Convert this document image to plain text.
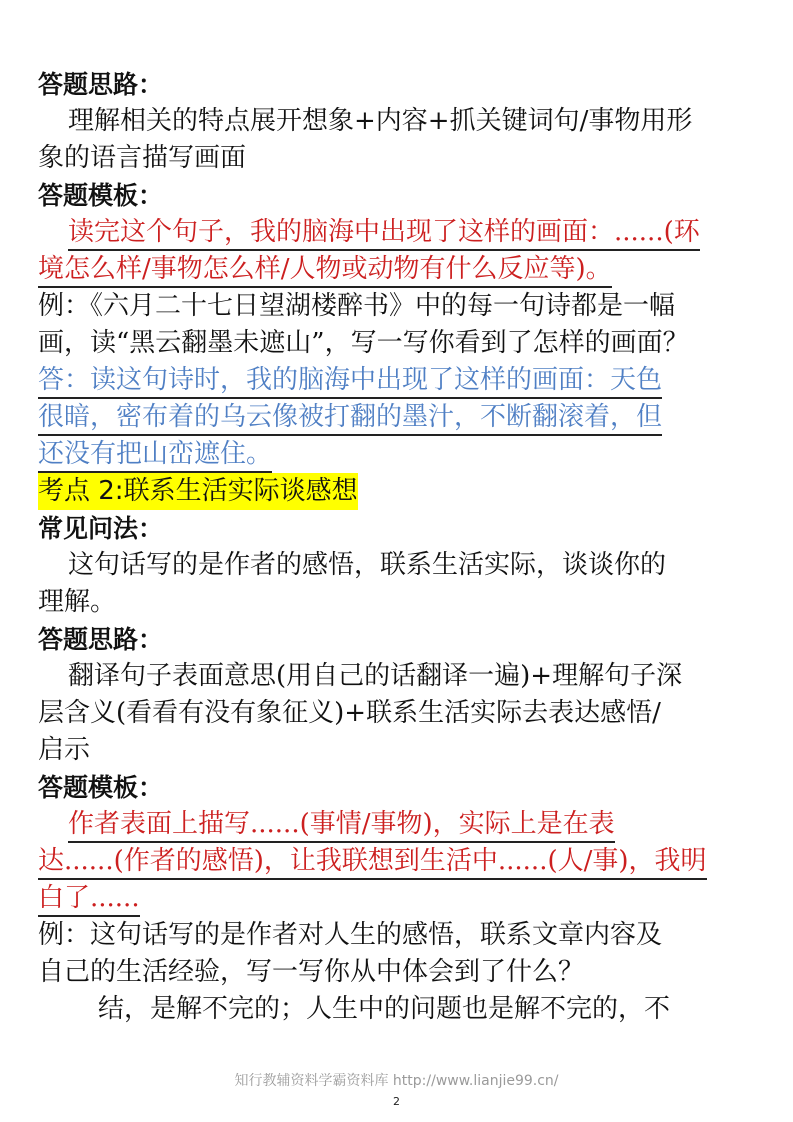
答题思路：
理解相关的特点展开想象+内容+抓关键词句/事物用形
象的语言描写画面
答题模板：
读完这个句子，我的脑海中出现了这样的画面：......(环
境怎么样/事物怎么样/人物或动物有什么反应等)。
例：《六月二十七日望湖楼醉书》中的每一句诗都是一幅
画，读“黑云翻墨未遮山”，写一写你看到了怎样的画面？
答：读这句诗时，我的脑海中出现了这样的画面：天色
很暗，密布着的乌云像被打翻的墨汁，不断翻滚着，但
还没有把山峦遮住。
考点 2:联系生活实际谈感想
常见问法：
这句话写的是作者的感悟，联系生活实际，谈谈你的
理解。
答题思路：
翻译句子表面意思(用自己的话翻译一遍)+理解句子深
层含义(看看有没有象征义)+联系生活实际去表达感悟/
启示
答题模板：
作者表面上描写......(事情/事物)，实际上是在表
达......(作者的感悟)，让我联想到生活中......(人/事)，我明
白了......
例：这句话写的是作者对人生的感悟，联系文章内容及
自己的生活经验，写一写你从中体会到了什么？
结，是解不完的；人生中的问题也是解不完的，不
知行教辅资料学霸资料库 http://www.lianjie99.cn/
2
